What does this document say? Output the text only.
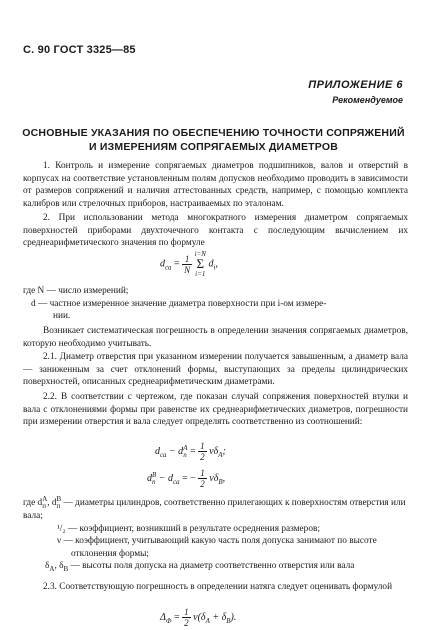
С. 90 ГОСТ 3325—85
ПРИЛОЖЕНИЕ 6
Рекомендуемое
ОСНОВНЫЕ УКАЗАНИЯ ПО ОБЕСПЕЧЕНИЮ ТОЧНОСТИ СОПРЯЖЕНИЙ
И ИЗМЕРЕНИЯМ СОПРЯГАЕМЫХ ДИАМЕТРОВ

1. Контроль и измерение сопрягаемых диаметров подшипников, валов и отверстий в корпусах на соответствие установленным полям допусков необходимо проводить в зависимости от размеров сопряжений и наличия аттестованных средств, например, с помощью комплекта калибров или стрелочных приборов, настраиваемых по эталонам.

2. При использовании метода многократного измерения диаметром сопрягаемых поверхностей приборами двухточечного контакта с последующим вычислением их среднеарифметического значения по формуле

$d_{са} = \frac{1}{N}$
i=N
Σ
i=1
$d_i$,

где N — число измерений;

d — частное измеренное значение диаметра поверхности при i-ом измере-

нии.

Возникает систематическая погрешность в определении значения сопрягаемых диаметров, которую необходимо учитывать.

2.1. Диаметр отверстия при указанном измерении получается завышенным, а диаметр вала — заниженным за счет отклонений формы, выступающих за пределы цилиндрических поверхностей, описанных среднеарифметическим диаметрами.

2.2. В соответствии с чертежом, где показан случай сопряжения поверхностей втулки и вала с отклонениями формы при равенстве их среднеарифметических диаметров, погрешности при измерении отверстия и вала следует определять соответственно из соотношений:

$d_{са} - d$ A
$п = \frac{1}{2} \nu\delta_A$;
d B
$п - d_{са}$ = − $\frac{1}{2} \nu\delta_B$,

где d A
п , d B
п — диаметры цилиндров, соответственно прилегающих к поверхностям отверстия или вала;

¹/₂ — коэффициент, возникший в результате осреднения размеров;

ν — коэффициент, учитывающий какую часть поля допуска занимают по высоте отклонения формы;

$\delta_A$, $\delta_B$ — высоты поля допуска на диаметр соответственно отверстия или вала

2.3. Соответствующую погрешность в определении натяга следует оценивать формулой

$\Delta_Ф = \frac{1}{2} \nu(\delta_A + \delta_B)$.
